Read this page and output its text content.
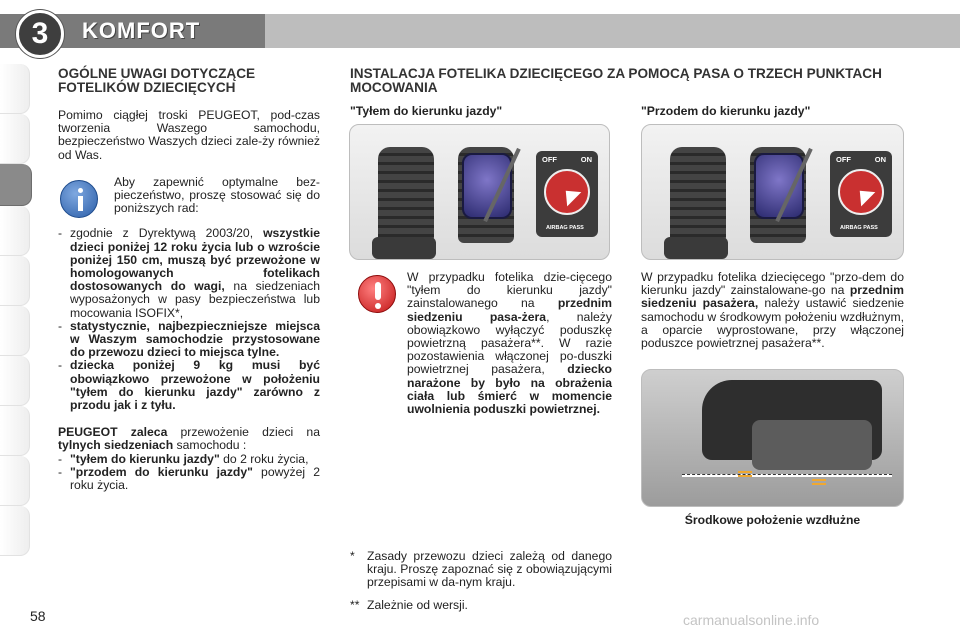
3	KOMFORT
OGÓLNE UWAGI DOTYCZĄCE FOTELIKÓW DZIECIĘCYCH

Pomimo ciągłej troski PEUGEOT, pod-czas tworzenia Waszego samochodu, bezpieczeństwo Waszych dzieci zale-ży również od Was.

Aby zapewnić optymalne bez-pieczeństwo, proszę stosować się do poniższych rad:
- zgodnie z Dyrektywą 2003/20, wszystkie dzieci poniżej 12 roku życia lub o wzroście poniżej 150 cm, muszą być przewożone w homologowanych fotelikach dostosowanych do wagi, na siedzeniach wyposażonych w pasy bezpieczeństwa lub mocowania ISOFIX*,
- statystycznie, najbezpieczniejsze miejsca w Waszym samochodzie przystosowane do przewozu dzieci to miejsca tylne.
- dziecka poniżej 9 kg musi być obowiązkowo przewożone w położeniu "tyłem do kierunku jazdy" zarówno z przodu jak i z tyłu.

PEUGEOT zaleca przewożenie dzieci na tylnych siedzeniach samochodu :

- "tyłem do kierunku jazdy" do 2 roku życia,
- "przodem do kierunku jazdy" powyżej 2 roku życia.
INSTALACJA FOTELIKA DZIECIĘCEGO ZA POMOCĄ PASA O TRZECH PUNKTACH MOCOWANIA
"Tyłem do kierunku jazdy"
OFF	ON
AIRBAG PASS
OFF	ON
AIRBAG PASS
W przypadku fotelika dzie-cięcego "tyłem do kierunku jazdy" zainstalowanego na przednim siedzeniu pasa-żera, należy obowiązkowo wyłączyć poduszkę powietrzną pasażera**. W razie pozostawienia włączonej po-duszki powietrznej pasażera, dziecko narażone by było na obrażenia ciała lub śmierć w momencie uwolnienia poduszki powietrznej.
"Przodem do kierunku jazdy"
W przypadku fotelika dziecięcego "przo-dem do kierunku jazdy" zainstalowane-go na przednim siedzeniu pasażera, należy ustawić siedzenie samochodu w środkowym położeniu wzdłużnym, a oparcie wyprostowane, przy włączonej poduszce powietrznej pasażera**.
Środkowe położenie wzdłużne
* Zasady przewozu dzieci zależą od danego kraju. Proszę zapoznać się z obowiązującymi przepisami w da-nym kraju.
** Zależnie od wersji.
58	carmanualsonline.info
